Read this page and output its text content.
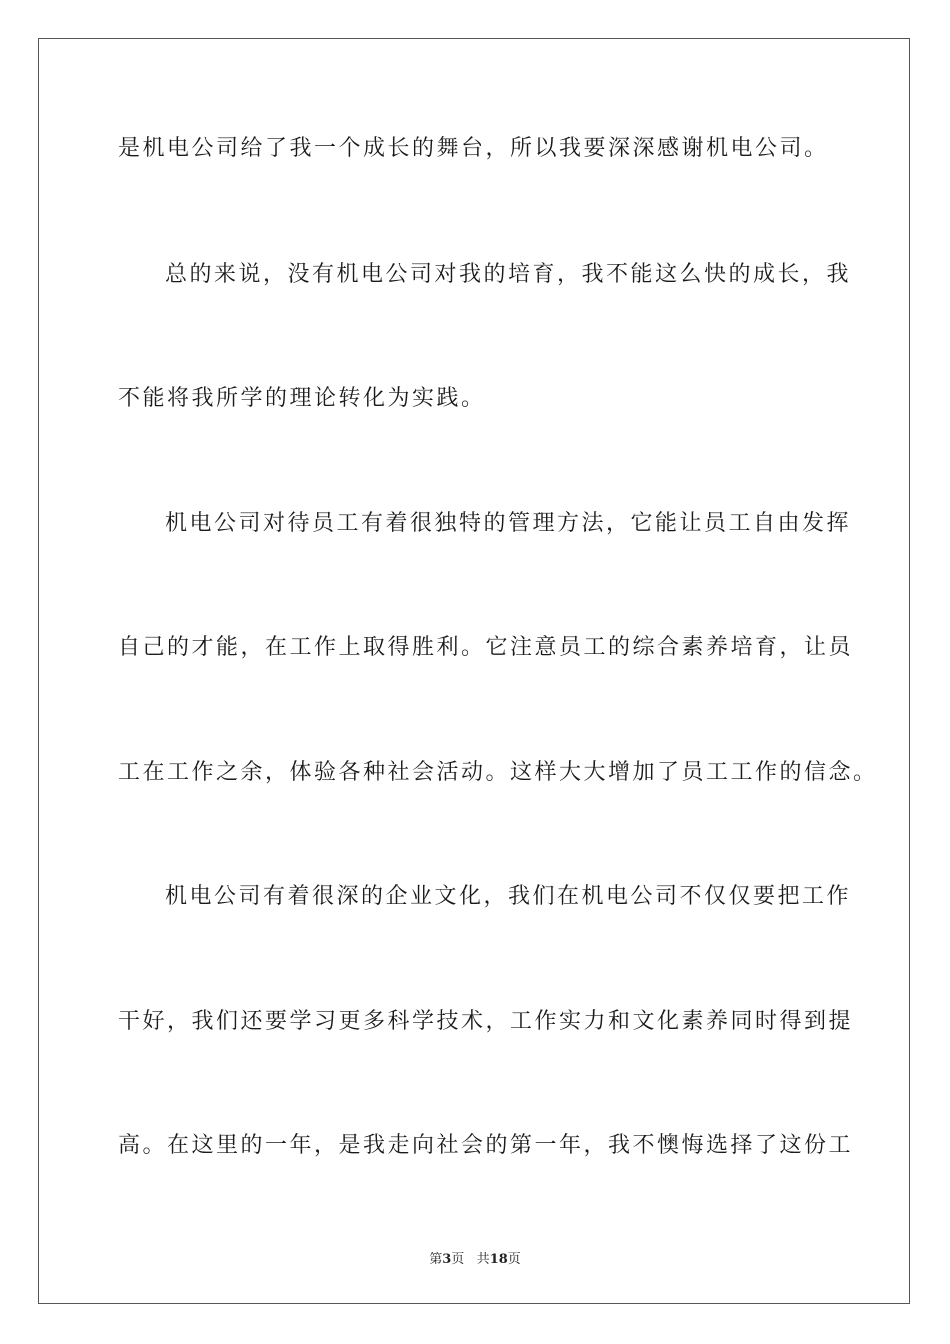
是机电公司给了我一个成长的舞台，所以我要深深感谢机电公司。
总的来说，没有机电公司对我的培育，我不能这么快的成长，我
不能将我所学的理论转化为实践。
机电公司对待员工有着很独特的管理方法，它能让员工自由发挥
自己的才能，在工作上取得胜利。它注意员工的综合素养培育，让员
工在工作之余，体验各种社会活动。这样大大增加了员工工作的信念。
机电公司有着很深的企业文化，我们在机电公司不仅仅要把工作
干好，我们还要学习更多科学技术，工作实力和文化素养同时得到提
高。在这里的一年，是我走向社会的第一年，我不懊悔选择了这份工
第3页 共18页
